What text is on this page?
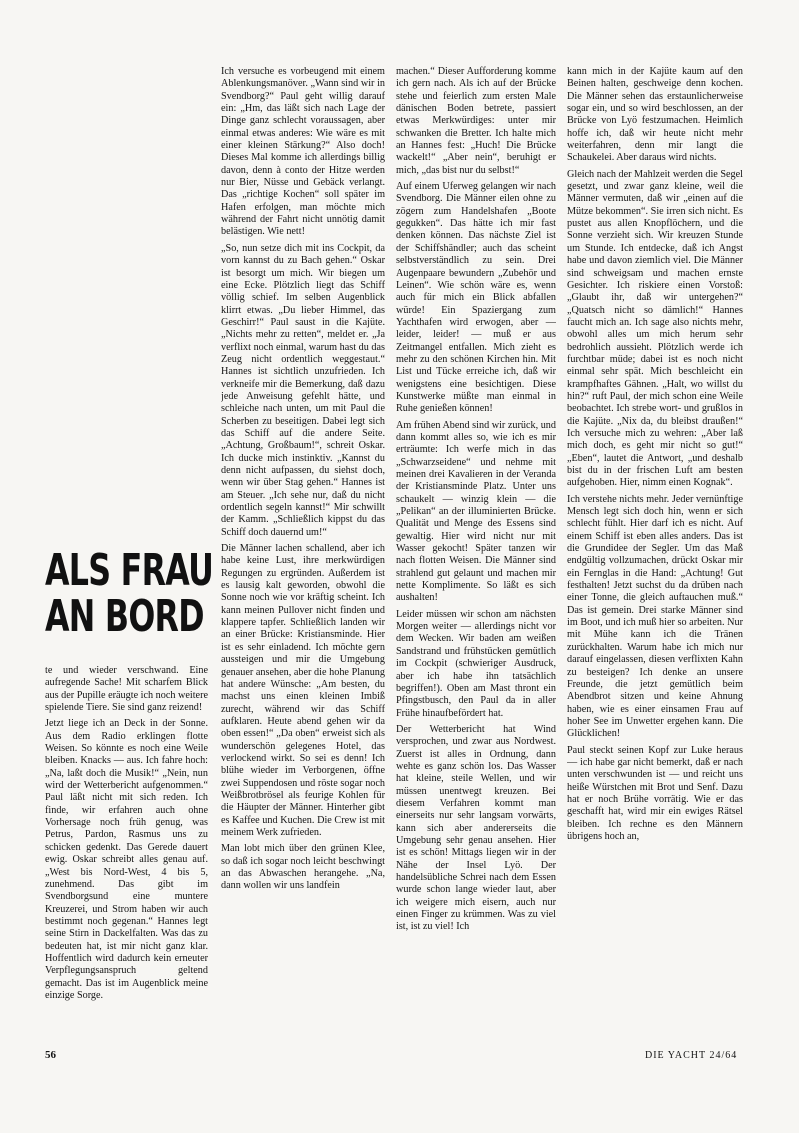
ALS FRAU
AN BORD

te und wieder verschwand. Eine aufregende Sache! Mit scharfem Blick aus der Pupille eräugte ich noch weitere spielende Tiere. Sie sind ganz reizend!

Jetzt liege ich an Deck in der Sonne. Aus dem Radio erklingen flotte Weisen. So könnte es noch eine Weile bleiben. Knacks — aus. Ich fahre hoch: „Na, laßt doch die Musik!“ „Nein, nun wird der Wetterbericht aufgenommen.“ Paul läßt nicht mit sich reden. Ich finde, wir erfahren auch ohne Vorhersage noch früh genug, was Petrus, Pardon, Rasmus uns zu schicken gedenkt. Das Gerede dauert ewig. Oskar schreibt alles genau auf. „West bis Nord-West, 4 bis 5, zunehmend. Das gibt im Svendborgsund eine muntere Kreuzerei, und Strom haben wir auch bestimmt noch gegenan.“ Hannes legt seine Stirn in Dackelfalten. Was das zu bedeuten hat, ist mir nicht ganz klar. Hoffentlich wird dadurch kein erneuter Verpflegungsanspruch geltend gemacht. Das ist im Augenblick meine einzige Sorge.

Ich versuche es vorbeugend mit einem Ablenkungsmanöver. „Wann sind wir in Svendborg?“ Paul geht willig darauf ein: „Hm, das läßt sich nach Lage der Dinge ganz schlecht voraussagen, aber einmal etwas anderes: Wie wäre es mit einer kleinen Stärkung?“ Also doch! Dieses Mal komme ich allerdings billig davon, denn à conto der Hitze werden nur Bier, Nüsse und Gebäck verlangt. Das „richtige Kochen“ soll später im Hafen erfolgen, man möchte mich während der Fahrt nicht unnötig damit belästigen. Wie nett!

„So, nun setze dich mit ins Cockpit, da vorn kannst du zu Bach gehen.“ Oskar ist besorgt um mich. Wir biegen um eine Ecke. Plötzlich liegt das Schiff völlig schief. Im selben Augenblick klirrt etwas. „Du lieber Himmel, das Geschirr!“ Paul saust in die Kajüte. „Nichts mehr zu retten“, meldet er. „Ja verflixt noch einmal, warum hast du das Zeug nicht ordentlich weggestaut.“ Hannes ist sichtlich unzufrieden. Ich verkneife mir die Bemerkung, daß dazu jede Anweisung gefehlt hätte, und schleiche nach unten, um mit Paul die Scherben zu beseitigen. Dabei legt sich das Schiff auf die andere Seite. „Achtung, Großbaum!“, schreit Oskar. Ich ducke mich instinktiv. „Kannst du denn nicht aufpassen, du siehst doch, wenn wir über Stag gehen.“ Hannes ist am Steuer. „Ich sehe nur, daß du nicht ordentlich segeln kannst!“ Mir schwillt der Kamm. „Schließlich kippst du das Schiff doch dauernd um!“

Die Männer lachen schallend, aber ich habe keine Lust, ihre merkwürdigen Regungen zu ergründen. Außerdem ist es lausig kalt geworden, obwohl die Sonne noch wie vor kräftig scheint. Ich kann meinen Pullover nicht finden und klappere tapfer. Schließlich landen wir an einer Brücke: Kristiansminde. Hier ist es sehr einladend. Ich möchte gern aussteigen und mir die Umgebung genauer ansehen, aber die hohe Planung hat andere Wünsche: „Am besten, du machst uns einen kleinen Imbiß zurecht, während wir das Schiff aufklaren. Heute abend gehen wir da oben essen!“ „Da oben“ erweist sich als wunderschön gelegenes Hotel, das verlockend wirkt. So sei es denn! Ich blühe wieder im Verborgenen, öffne zwei Suppendosen und röste sogar noch Weißbrotbrösel als feurige Kohlen für die Häupter der Männer. Hinterher gibt es Kaffee und Kuchen. Die Crew ist mit meinem Werk zufrieden.

Man lobt mich über den grünen Klee, so daß ich sogar noch leicht beschwingt an das Abwaschen herangehe. „Na, dann wollen wir uns landfein

machen.“ Dieser Aufforderung komme ich gern nach. Als ich auf der Brücke stehe und feierlich zum ersten Male dänischen Boden betrete, passiert etwas Merkwürdiges: unter mir schwanken die Bretter. Ich halte mich an Hannes fest: „Huch! Die Brücke wackelt!“ „Aber nein“, beruhigt er mich, „das bist nur du selbst!“

Auf einem Uferweg gelangen wir nach Svendborg. Die Männer eilen ohne zu zögern zum Handelshafen „Boote gegukken“. Das hätte ich mir fast denken können. Das nächste Ziel ist der Schiffshändler; auch das scheint selbstverständlich zu sein. Drei Augenpaare bewundern „Zubehör und Leinen“. Wie schön wäre es, wenn auch für mich ein Blick abfallen würde! Ein Spaziergang zum Yachthafen wird erwogen, aber — leider, leider! — muß er aus Zeitmangel entfallen. Mich zieht es mehr zu den schönen Kirchen hin. Mit List und Tücke erreiche ich, daß wir wenigstens eine besichtigen. Diese Kunstwerke müßte man einmal in Ruhe genießen können!

Am frühen Abend sind wir zurück, und dann kommt alles so, wie ich es mir erträumte: Ich werfe mich in das „Schwarzseidene“ und nehme mit meinen drei Kavalieren in der Veranda der Kristiansminde Platz. Unter uns schaukelt — winzig klein — die „Pelikan“ an der illuminierten Brücke. Qualität und Menge des Essens sind gewaltig. Hier wird nicht nur mit Wasser gekocht! Später tanzen wir nach flotten Weisen. Die Männer sind strahlend gut gelaunt und machen mir nette Komplimente. So läßt es sich aushalten!

Leider müssen wir schon am nächsten Morgen weiter — allerdings nicht vor dem Wecken. Wir baden am weißen Sandstrand und frühstücken gemütlich im Cockpit (schwieriger Ausdruck, aber ich habe ihn tatsächlich begriffen!). Oben am Mast thront ein Pfingstbusch, den Paul da in aller Frühe hinaufbefördert hat.

Der Wetterbericht hat Wind versprochen, und zwar aus Nordwest. Zuerst ist alles in Ordnung, dann wehte es ganz schön los. Das Wasser hat kleine, steile Wellen, und wir müssen unentwegt kreuzen. Bei diesem Verfahren kommt man einerseits nur sehr langsam vorwärts, kann sich aber andererseits die Umgebung sehr genau ansehen. Hier ist es schön! Mittags liegen wir in der Nähe der Insel Lyö. Der handelsübliche Schrei nach dem Essen wurde schon lange wieder laut, aber ich weigere mich eisern, auch nur einen Finger zu krümmen. Was zu viel ist, ist zu viel! Ich

kann mich in der Kajüte kaum auf den Beinen halten, geschweige denn kochen. Die Männer sehen das erstaunlicherweise sogar ein, und so wird beschlossen, an der Brücke von Lyö festzumachen. Heimlich hoffe ich, daß wir heute nicht mehr weiterfahren, denn mir langt die Schaukelei. Aber daraus wird nichts.

Gleich nach der Mahlzeit werden die Segel gesetzt, und zwar ganz kleine, weil die Männer vermuten, daß wir „einen auf die Mütze bekommen“. Sie irren sich nicht. Es pustet aus allen Knopflöchern, und die Sonne verzieht sich. Wir kreuzen Stunde um Stunde. Ich entdecke, daß ich Angst habe und davon ziemlich viel. Die Männer sind schweigsam und machen ernste Gesichter. Ich riskiere einen Vorstoß: „Glaubt ihr, daß wir untergehen?“ „Quatsch nicht so dämlich!“ Hannes faucht mich an. Ich sage also nichts mehr, obwohl alles um mich herum sehr bedrohlich aussieht. Plötzlich werde ich furchtbar müde; dabei ist es noch nicht einmal sehr spät. Mich beschleicht ein krampfhaftes Gähnen. „Halt, wo willst du hin?“ ruft Paul, der mich schon eine Weile beobachtet. Ich strebe wort- und grußlos in die Kajüte. „Nix da, du bleibst draußen!“ Ich versuche mich zu wehren: „Aber laß mich doch, es geht mir nicht so gut!“ „Eben“, lautet die Antwort, „und deshalb bist du in der frischen Luft am besten aufgehoben. Hier, nimm einen Kognak“.

Ich verstehe nichts mehr. Jeder vernünftige Mensch legt sich doch hin, wenn er sich schlecht fühlt. Hier darf ich es nicht. Auf einem Schiff ist eben alles anders. Das ist die Grundidee der Segler. Um das Maß endgültig vollzumachen, drückt Oskar mir ein Fernglas in die Hand: „Achtung! Gut festhalten! Jetzt suchst du da drüben nach einer Tonne, die gleich auftauchen muß.“ Das ist gemein. Drei starke Männer sind im Boot, und ich muß hier so arbeiten. Nur mit Mühe kann ich die Tränen zurückhalten. Warum habe ich mich nur darauf eingelassen, diesen verflixten Kahn zu besteigen? Ich denke an unsere Freunde, die jetzt gemütlich beim Abendbrot sitzen und keine Ahnung haben, wie es einer einsamen Frau auf hoher See im Unwetter ergehen kann. Die Glücklichen!

Paul steckt seinen Kopf zur Luke heraus — ich habe gar nicht bemerkt, daß er nach unten verschwunden ist — und reicht uns heiße Würstchen mit Brot und Senf. Dazu hat er noch Brühe vorrätig. Wie er das geschafft hat, wird mir ein ewiges Rätsel bleiben. Ich rechne es den Männern übrigens hoch an,

56	DIE YACHT 24/64
